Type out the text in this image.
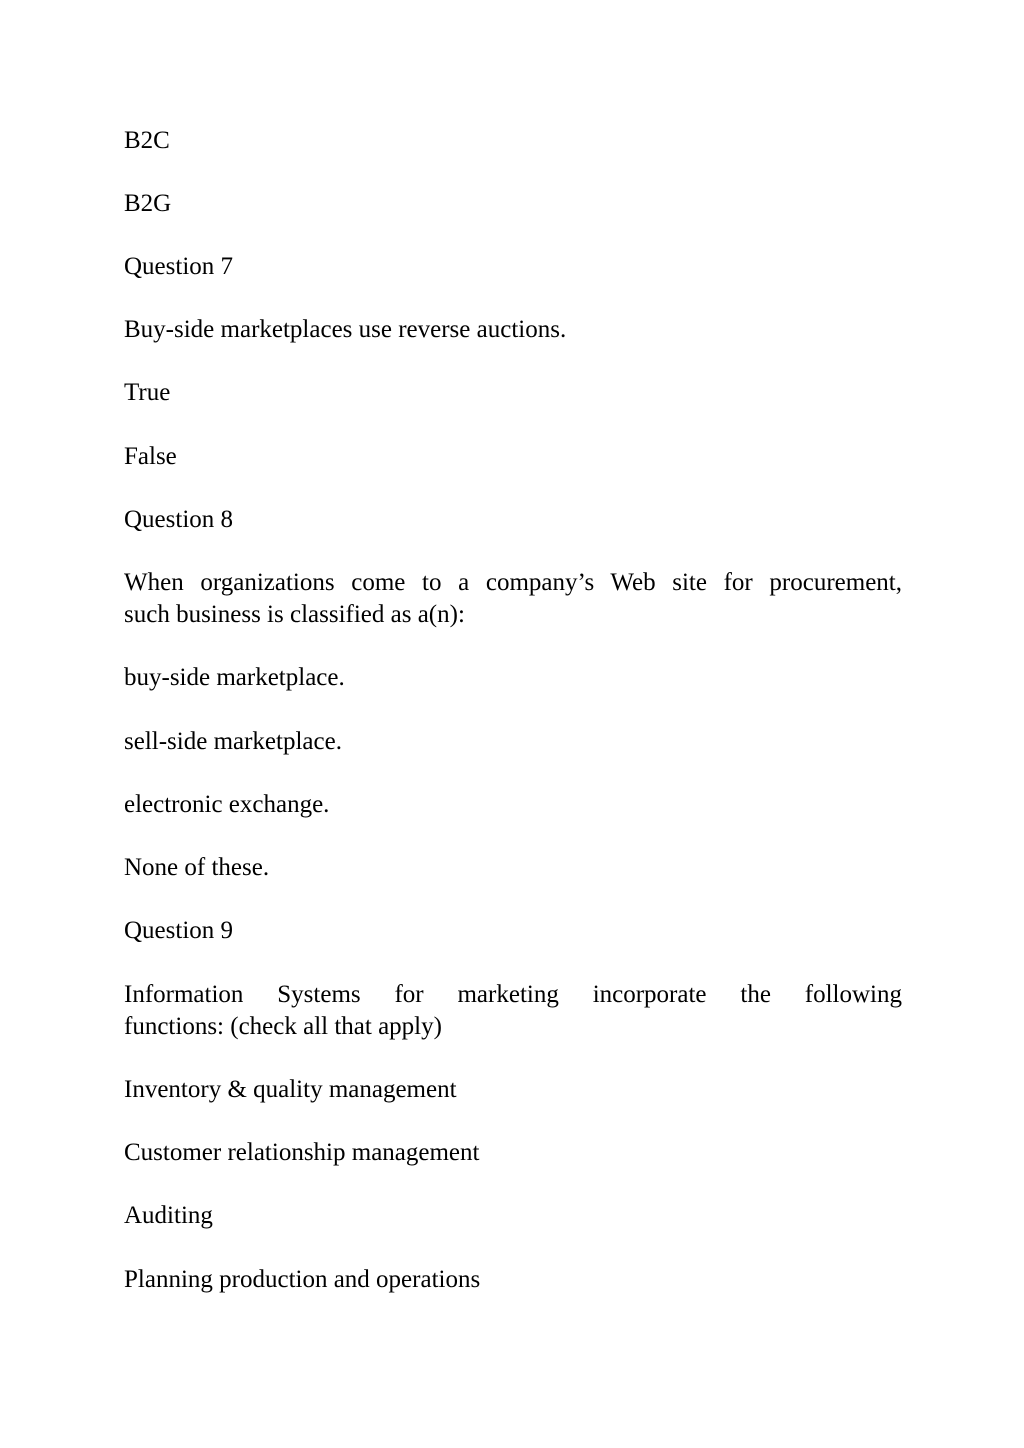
B2C

B2G

Question 7

Buy-side marketplaces use reverse auctions.

True

False

Question 8

When organizations come to a company’s Web site for procurement,
such business is classified as a(n):

buy-side marketplace.

sell-side marketplace.

electronic exchange.

None of these.

Question 9

Information Systems for marketing incorporate the following
functions: (check all that apply)

Inventory & quality management

Customer relationship management

Auditing

Planning production and operations
